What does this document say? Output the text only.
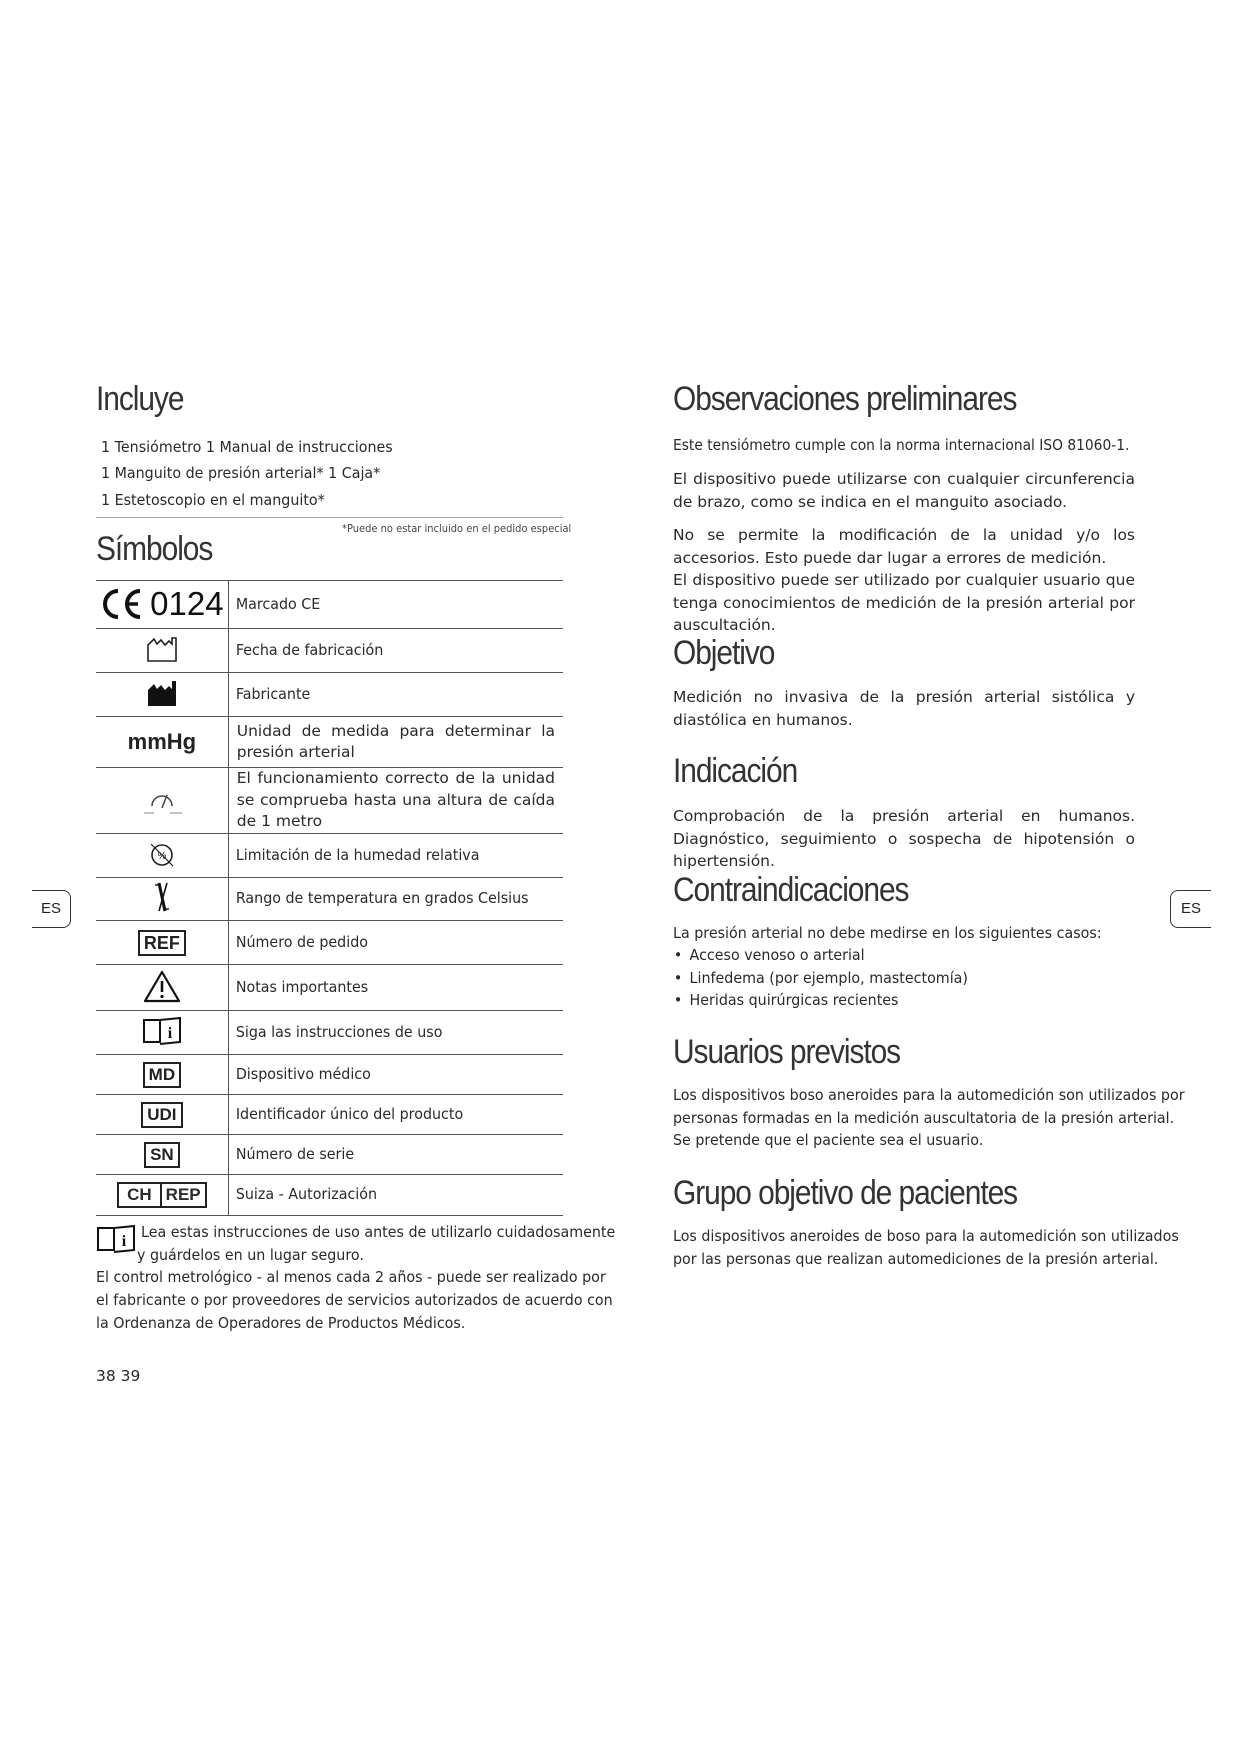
ES	ES
Incluye
1 Tensiómetro 1 Manual de instrucciones
1 Manguito de presión arterial* 1 Caja*
1 Estetoscopio en el manguito*
*Puede no estar incluido en el pedido especial
Símbolos
0124	Marcado CE
	Fecha de fabricación
	Fabricante
mmHg	Unidad de medida para determinar la presión arterial
	El funcionamiento correcto de la unidad se comprueba hasta una altura de caída de 1 metro

%	Limitación de la humedad relativa
	Rango de temperatura en grados Celsius
REF	Número de pedido
	Notas importantes

i	Siga las instrucciones de uso
MD	Dispositivo médico
UDI	Identificador único del producto
SN	Número de serie

CH REP	Suiza - Autorización
i
Lea estas instrucciones de uso antes de utilizarlo cuidadosamente
y guárdelos en un lugar seguro.
El control metrológico - al menos cada 2 años - puede ser realizado por
el fabricante o por proveedores de servicios autorizados de acuerdo con
la Ordenanza de Operadores de Productos Médicos.
38 39
Observaciones preliminares
Este tensiómetro cumple con la norma internacional ISO 81060-1.
El dispositivo puede utilizarse con cualquier circunferencia de brazo, como se indica en el manguito asociado.
No se permite la modificación de la unidad y/o los accesorios. Esto puede dar lugar a errores de medición.
El dispositivo puede ser utilizado por cualquier usuario que tenga conocimientos de medición de la presión arterial por auscultación.
Objetivo
Medición no invasiva de la presión arterial sistólica y diastólica en humanos.
Indicación
Comprobación de la presión arterial en humanos. Diagnóstico, seguimiento o sospecha de hipotensión o hipertensión.
Contraindicaciones
La presión arterial no debe medirse en los siguientes casos:
• Acceso venoso o arterial
• Linfedema (por ejemplo, mastectomía)
• Heridas quirúrgicas recientes
Usuarios previstos
Los dispositivos boso aneroides para la automedición son utilizados por
personas formadas en la medición auscultatoria de la presión arterial.
Se pretende que el paciente sea el usuario.
Grupo objetivo de pacientes
Los dispositivos aneroides de boso para la automedición son utilizados
por las personas que realizan automediciones de la presión arterial.
